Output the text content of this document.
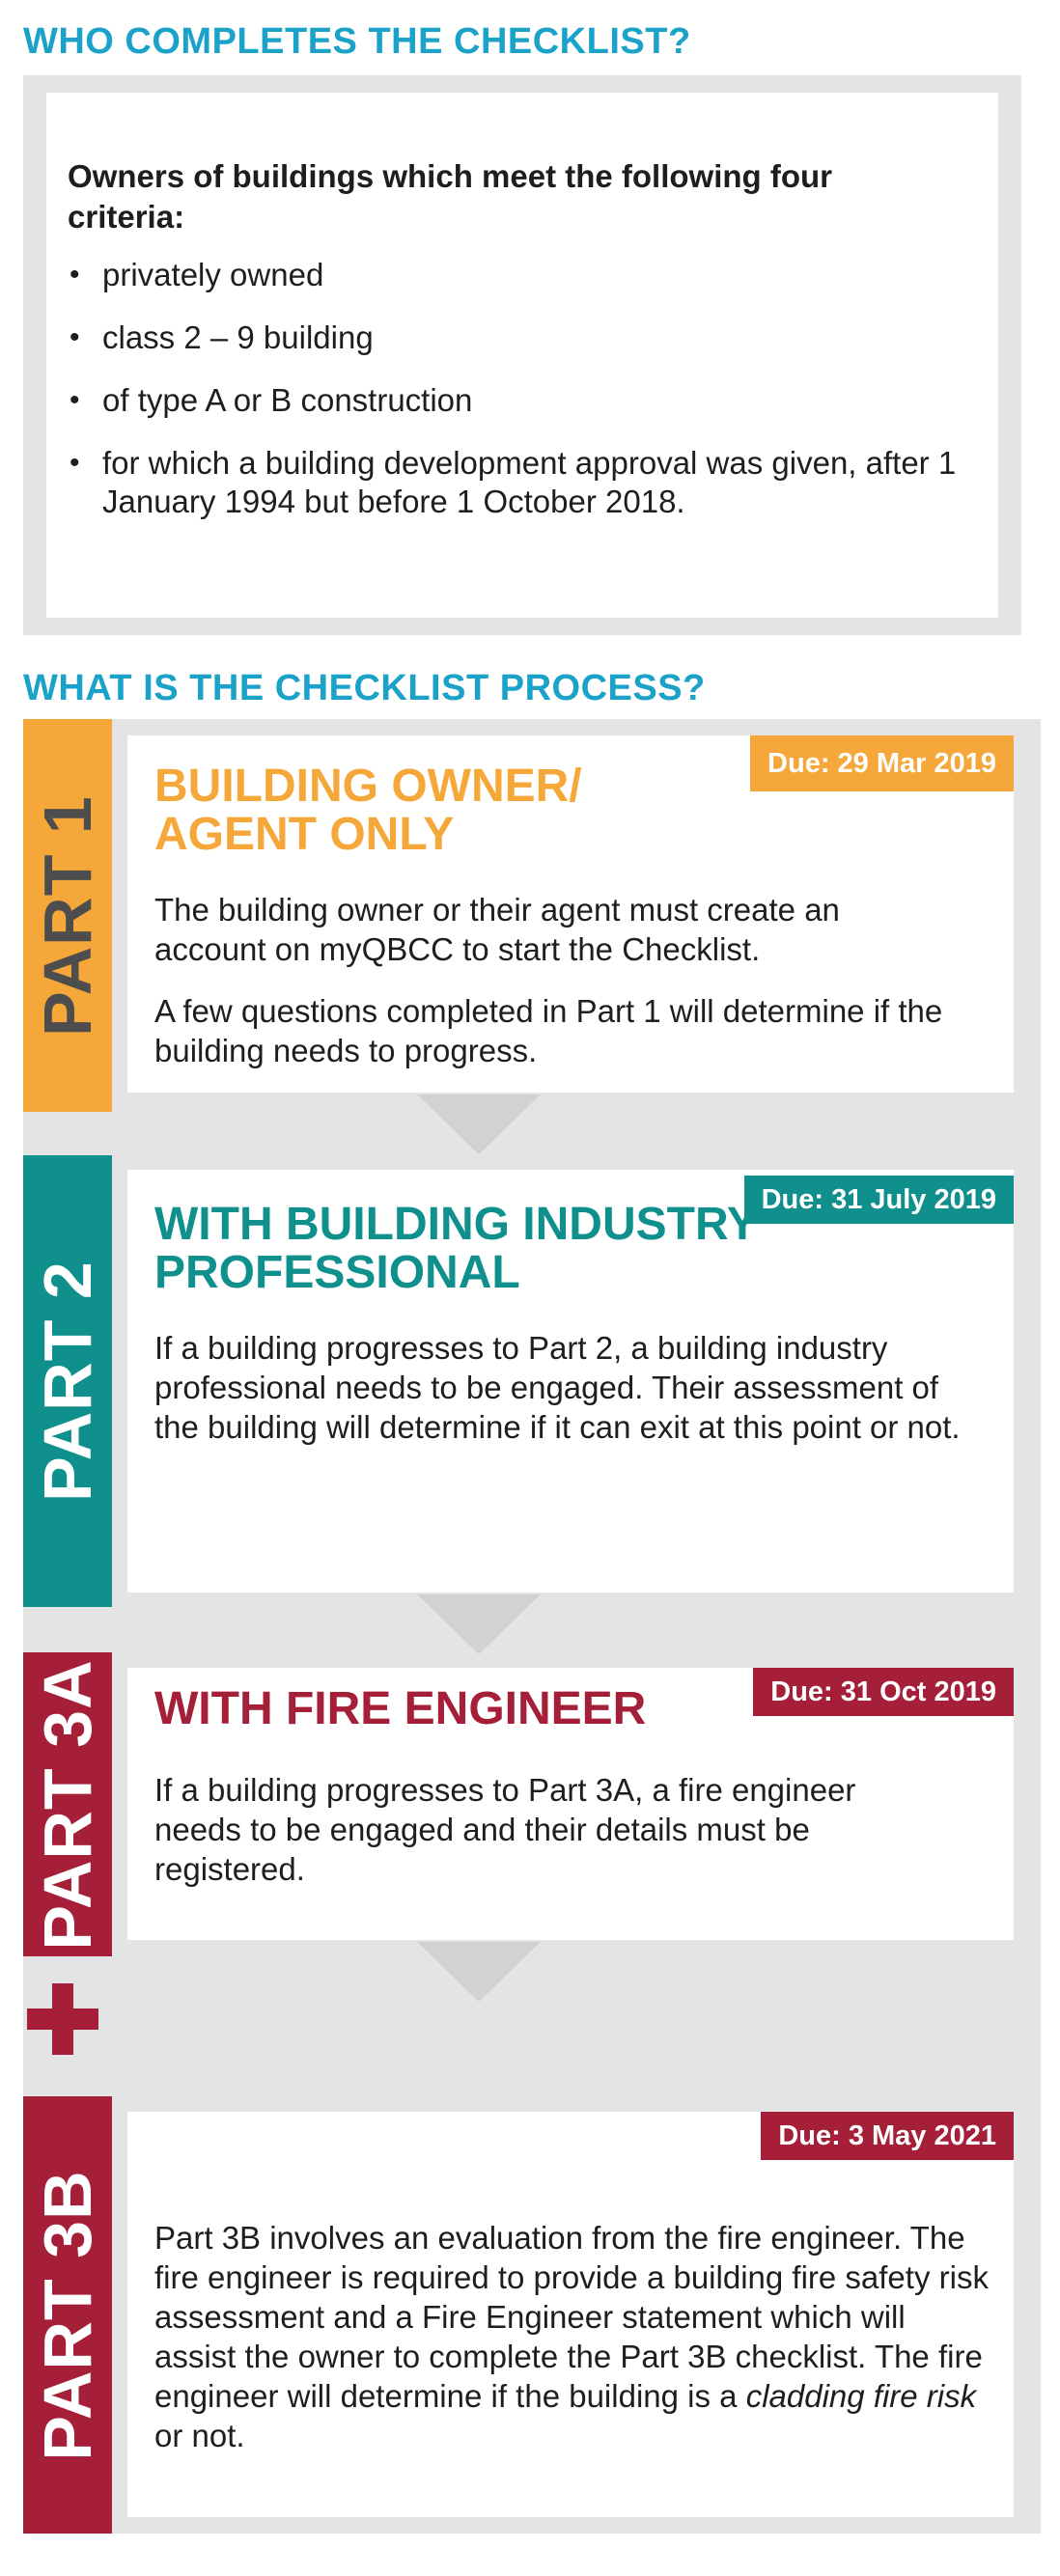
WHO COMPLETES THE CHECKLIST?

Owners of buildings which meet the following four criteria:

• privately owned
• class 2 – 9 building
• of type A or B construction
• for which a building development approval was given, after 1 January 1994 but before 1 October 2018.
WHAT IS THE CHECKLIST PROCESS?
PART 1
Due: 29 Mar 2019
BUILDING OWNER/ AGENT ONLY

The building owner or their agent must create an account on myQBCC to start the Checklist.

A few questions completed in Part 1 will determine if the building needs to progress.

PART 2
Due: 31 July 2019
WITH BUILDING INDUSTRY PROFESSIONAL

If a building progresses to Part 2, a building industry professional needs to be engaged. Their assessment of the building will determine if it can exit at this point or not.

PART 3A	Due: 31 Oct 2019
WITH FIRE ENGINEER

If a building progresses to Part 3A, a fire engineer needs to be engaged and their details must be registered.

PART 3B
Due: 3 May 2021

Part 3B involves an evaluation from the fire engineer. The fire engineer is required to provide a building fire safety risk assessment and a Fire Engineer statement which will assist the owner to complete the Part 3B checklist. The fire engineer will determine if the building is a cladding fire risk or not.
